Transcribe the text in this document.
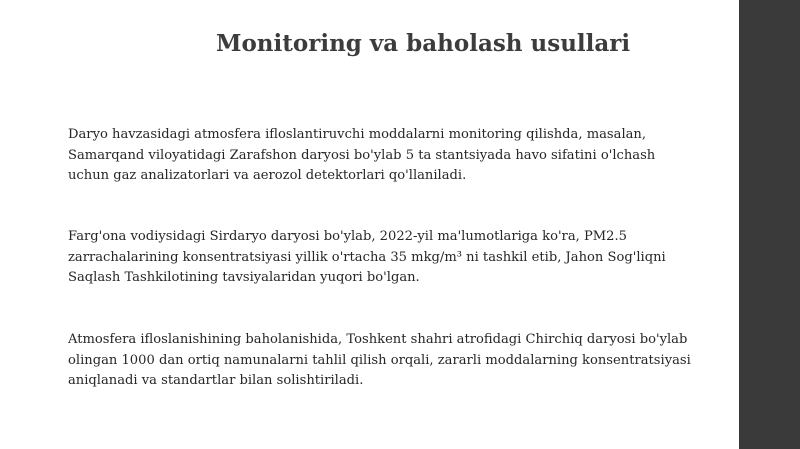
Monitoring va baholash usullari

Daryo havzasidagi atmosfera ifloslantiruvchi moddalarni monitoring qilishda, masalan,
Samarqand viloyatidagi Zarafshon daryosi bo'ylab 5 ta stantsiyada havo sifatini o'lchash
uchun gaz analizatorlari va aerozol detektorlari qo'llaniladi.

Farg'ona vodiysidagi Sirdaryo daryosi bo'ylab, 2022-yil ma'lumotlariga ko'ra, PM2.5
zarrachalarining konsentratsiyasi yillik o'rtacha 35 mkg/m³ ni tashkil etib, Jahon Sog'liqni
Saqlash Tashkilotining tavsiyalaridan yuqori bo'lgan.

Atmosfera ifloslanishining baholanishida, Toshkent shahri atrofidagi Chirchiq daryosi bo'ylab
olingan 1000 dan ortiq namunalarni tahlil qilish orqali, zararli moddalarning konsentratsiyasi
aniqlanadi va standartlar bilan solishtiriladi.
